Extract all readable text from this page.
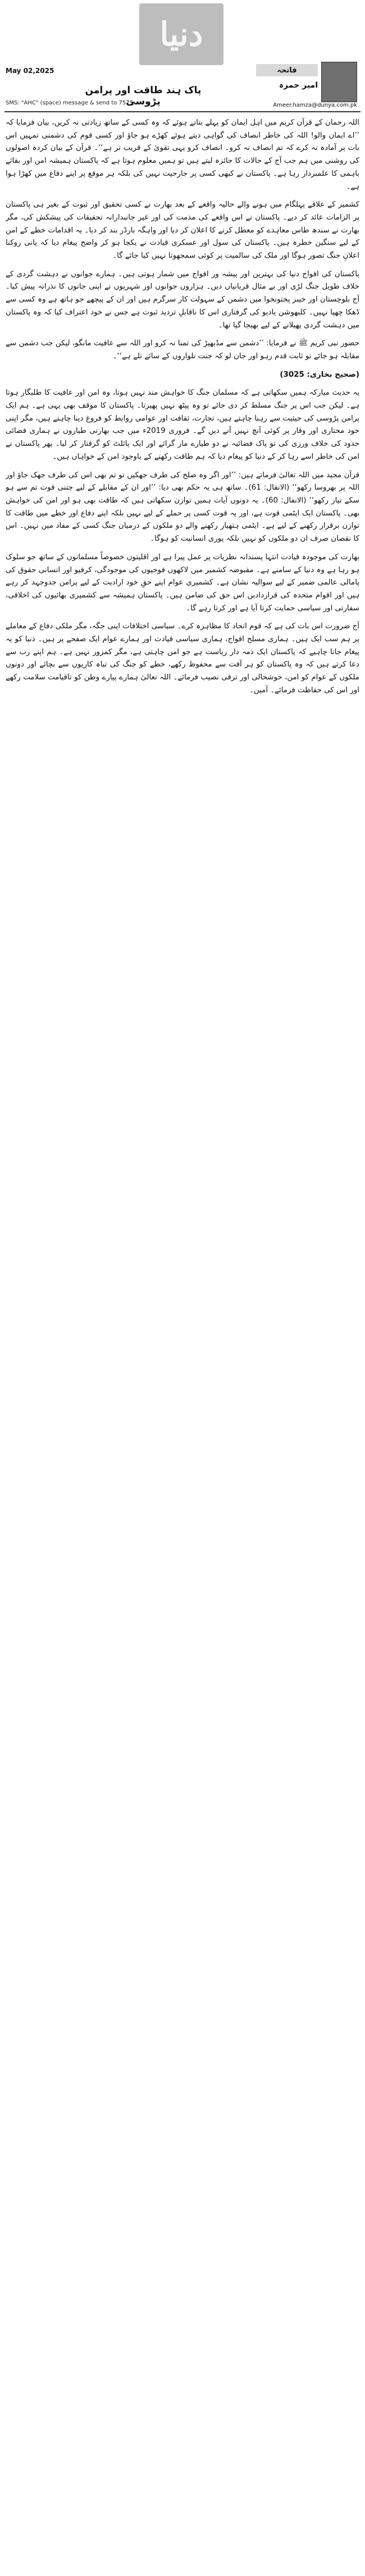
دنیا
May 02,2025
پاک ہند طاقت اور پرامن پڑوسی
SMS: "AHC" (space) message & send to 7575
فاتحہ
امیر حمزہ
Ameer.hamza@dunya.com.pk

اللہ رحمان کے قرآن کریم میں اہل ایمان کو پہلے بتاتے ہوئے کہ وہ کسی کے ساتھ زیادتی نہ کریں، بیان فرمایا کہ ’’اے ایمان والو! اللہ کی خاطر انصاف کی گواہی دیتے ہوئے کھڑے ہو جاؤ اور کسی قوم کی دشمنی تمہیں اس بات پر آمادہ نہ کرے کہ تم انصاف نہ کرو۔ انصاف کرو یہی تقویٰ کے قریب تر ہے‘‘۔ قرآن کے بیان کردہ اصولوں کی روشنی میں ہم جب آج کے حالات کا جائزہ لیتے ہیں تو ہمیں معلوم ہوتا ہے کہ پاکستان ہمیشہ امن اور بقائے باہمی کا علمبردار رہا ہے۔ پاکستان نے کبھی کسی پر جارحیت نہیں کی بلکہ ہر موقع پر اپنے دفاع میں کھڑا ہوا ہے۔

کشمیر کے علاقے پہلگام میں ہونے والے حالیہ واقعے کے بعد بھارت نے کسی تحقیق اور ثبوت کے بغیر ہی پاکستان پر الزامات عائد کر دیے۔ پاکستان نے اس واقعے کی مذمت کی اور غیر جانبدارانہ تحقیقات کی پیشکش کی، مگر بھارت نے سندھ طاس معاہدے کو معطل کرنے کا اعلان کر دیا اور واہگہ بارڈر بند کر دیا۔ یہ اقدامات خطے کے امن کے لیے سنگین خطرہ ہیں۔ پاکستان کی سول اور عسکری قیادت نے یکجا ہو کر واضح پیغام دیا کہ پانی روکنا اعلانِ جنگ تصور ہوگا اور ملک کی سالمیت پر کوئی سمجھوتا نہیں کیا جائے گا۔

پاکستان کی افواج دنیا کی بہترین اور پیشہ ور افواج میں شمار ہوتی ہیں۔ ہمارے جوانوں نے دہشت گردی کے خلاف طویل جنگ لڑی اور بے مثال قربانیاں دیں۔ ہزاروں جوانوں اور شہریوں نے اپنی جانوں کا نذرانہ پیش کیا۔ آج بلوچستان اور خیبر پختونخوا میں دشمن کے سہولت کار سرگرم ہیں اور ان کے پیچھے جو ہاتھ ہے وہ کسی سے ڈھکا چھپا نہیں۔ کلبھوشن یادیو کی گرفتاری اس کا ناقابلِ تردید ثبوت ہے جس نے خود اعتراف کیا کہ وہ پاکستان میں دہشت گردی پھیلانے کے لیے بھیجا گیا تھا۔

حضور نبی کریم ﷺ نے فرمایا: ’’دشمن سے مڈبھیڑ کی تمنا نہ کرو اور اللہ سے عافیت مانگو، لیکن جب دشمن سے مقابلہ ہو جائے تو ثابت قدم رہو اور جان لو کہ جنت تلواروں کے سائے تلے ہے‘‘۔

(صحیح بخاری: 3025)

یہ حدیث مبارکہ ہمیں سکھاتی ہے کہ مسلمان جنگ کا خواہش مند نہیں ہوتا، وہ امن اور عافیت کا طلبگار ہوتا ہے۔ لیکن جب اس پر جنگ مسلط کر دی جائے تو وہ پیٹھ نہیں پھیرتا۔ پاکستان کا موقف بھی یہی ہے۔ ہم ایک پرامن پڑوسی کی حیثیت سے رہنا چاہتے ہیں، تجارت، ثقافت اور عوامی روابط کو فروغ دینا چاہتے ہیں، مگر اپنی خود مختاری اور وقار پر کوئی آنچ نہیں آنے دیں گے۔ فروری 2019ء میں جب بھارتی طیاروں نے ہماری فضائی حدود کی خلاف ورزی کی تو پاک فضائیہ نے دو طیارے مار گرائے اور ایک پائلٹ کو گرفتار کر لیا۔ پھر پاکستان نے امن کی خاطر اسے رہا کر کے دنیا کو پیغام دیا کہ ہم طاقت رکھنے کے باوجود امن کے خواہاں ہیں۔

قرآن مجید میں اللہ تعالیٰ فرماتے ہیں: ’’اور اگر وہ صلح کی طرف جھکیں تو تم بھی اس کی طرف جھک جاؤ اور اللہ پر بھروسا رکھو‘‘ (الانفال: 61)۔ ساتھ ہی یہ حکم بھی دیا: ’’اور ان کے مقابلے کے لیے جتنی قوت تم سے ہو سکے تیار رکھو‘‘ (الانفال: 60)۔ یہ دونوں آیات ہمیں توازن سکھاتی ہیں کہ طاقت بھی ہو اور امن کی خواہش بھی۔ پاکستان ایک ایٹمی قوت ہے، اور یہ قوت کسی پر حملے کے لیے نہیں بلکہ اپنے دفاع اور خطے میں طاقت کا توازن برقرار رکھنے کے لیے ہے۔ ایٹمی ہتھیار رکھنے والے دو ملکوں کے درمیان جنگ کسی کے مفاد میں نہیں۔ اس کا نقصان صرف ان دو ملکوں کو نہیں بلکہ پوری انسانیت کو ہوگا۔

بھارت کی موجودہ قیادت انتہا پسندانہ نظریات پر عمل پیرا ہے اور اقلیتوں خصوصاً مسلمانوں کے ساتھ جو سلوک ہو رہا ہے وہ دنیا کے سامنے ہے۔ مقبوضہ کشمیر میں لاکھوں فوجیوں کی موجودگی، کرفیو اور انسانی حقوق کی پامالی عالمی ضمیر کے لیے سوالیہ نشان ہے۔ کشمیری عوام اپنے حقِ خود ارادیت کے لیے پرامن جدوجہد کر رہے ہیں اور اقوام متحدہ کی قراردادیں اس حق کی ضامن ہیں۔ پاکستان ہمیشہ سے کشمیری بھائیوں کی اخلاقی، سفارتی اور سیاسی حمایت کرتا آیا ہے اور کرتا رہے گا۔

آج ضرورت اس بات کی ہے کہ قوم اتحاد کا مظاہرہ کرے۔ سیاسی اختلافات اپنی جگہ، مگر ملکی دفاع کے معاملے پر ہم سب ایک ہیں۔ ہماری مسلح افواج، ہماری سیاسی قیادت اور ہمارے عوام ایک صفحے پر ہیں۔ دنیا کو یہ پیغام جانا چاہیے کہ پاکستان ایک ذمہ دار ریاست ہے جو امن چاہتی ہے، مگر کمزور نہیں ہے۔ ہم اپنے رب سے دعا کرتے ہیں کہ وہ پاکستان کو ہر آفت سے محفوظ رکھے، خطے کو جنگ کی تباہ کاریوں سے بچائے اور دونوں ملکوں کے عوام کو امن، خوشحالی اور ترقی نصیب فرمائے۔ اللہ تعالیٰ ہمارے پیارے وطن کو تاقیامت سلامت رکھے اور اس کی حفاظت فرمائے۔ آمین۔
